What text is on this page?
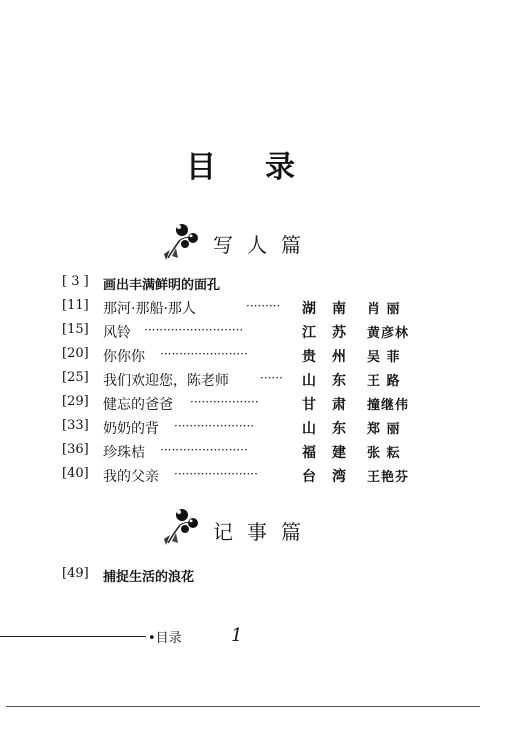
目 录
写人篇
[ 3 ] 画出丰满鲜明的面孔
[11] 那河·那船·那人	········· 湖 南 肖 丽
[15] 风铃 ··························	江 苏 黄彦林
[20] 你你你 ·······················	贵 州 吴 菲
[25] 我们欢迎您，陈老师	······ 山 东 王 路
[29] 健忘的爸爸 ··················	甘 肃 撞继伟
[33] 奶奶的背 ·····················	山 东 郑 丽
[36] 珍珠桔 ·······················	福 建 张 耘
[40] 我的父亲 ······················	台 湾 王艳芬
记事篇
[49] 捕捉生活的浪花
•目录	1
